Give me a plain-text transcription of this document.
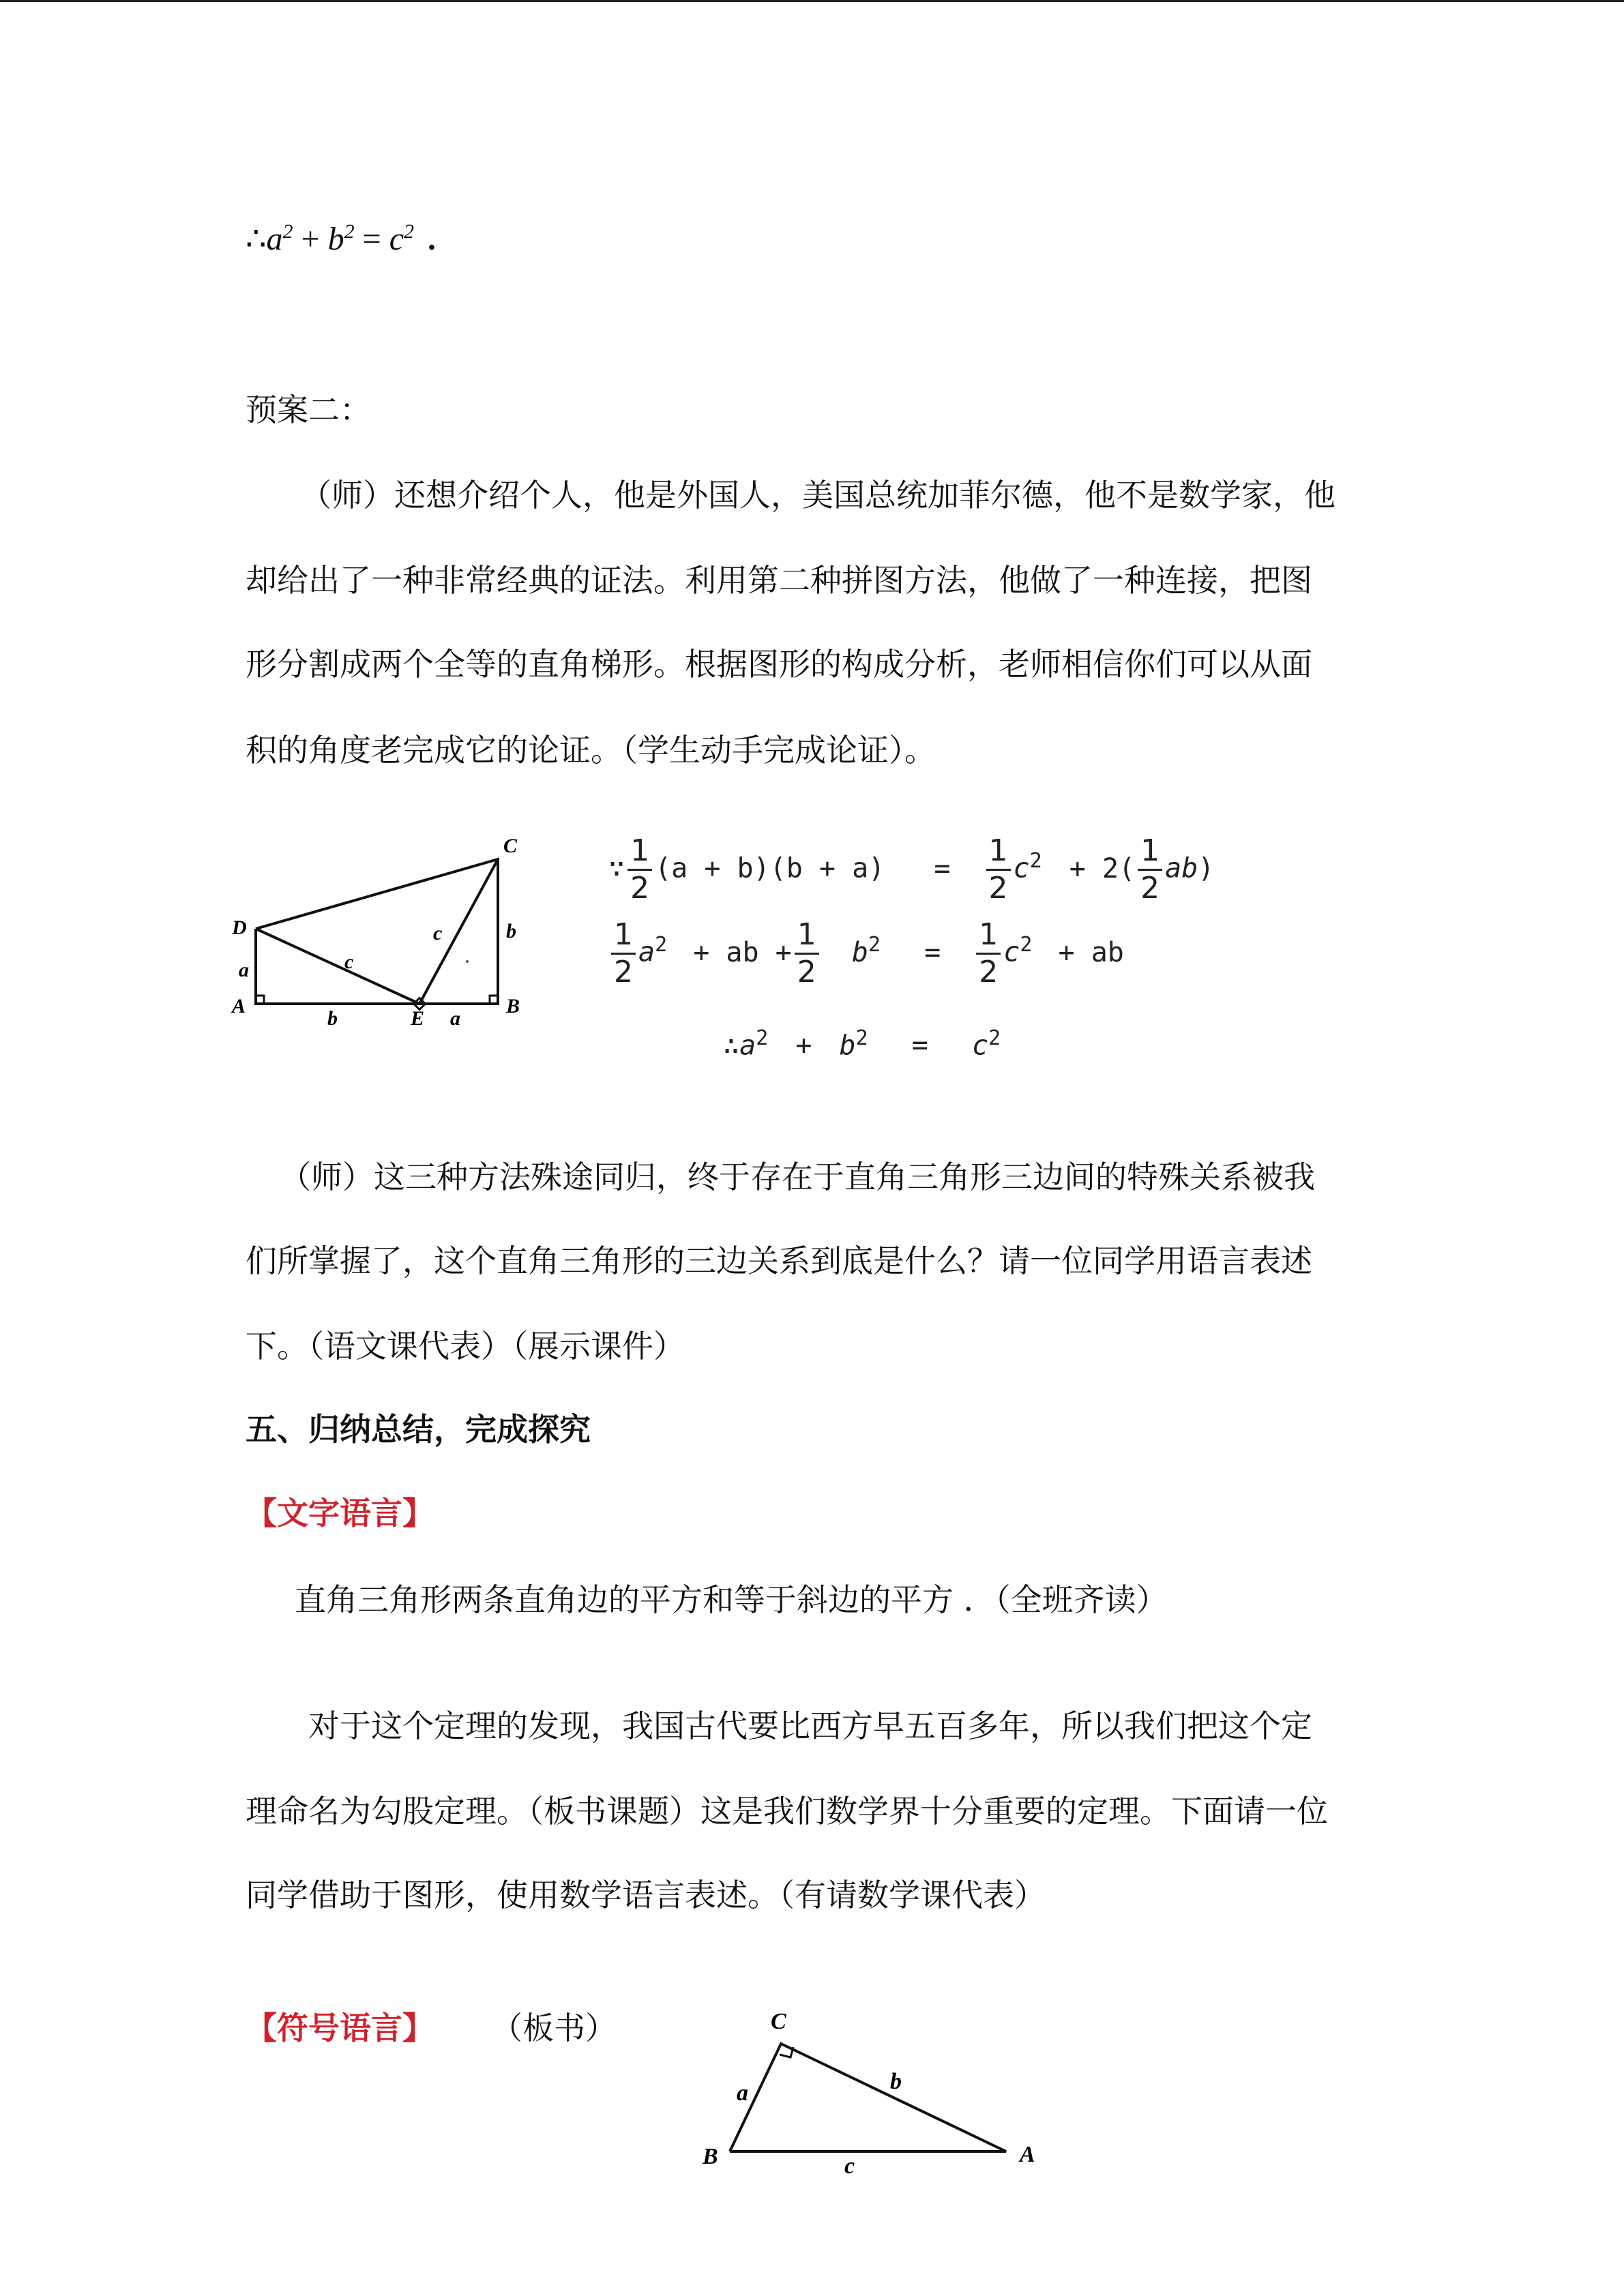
$\therefore a^2 + b^2 = c^2$ .
预案二：
（师）还想介绍个人，他是外国人，美国总统加菲尔德，他不是数学家，他
却给出了一种非常经典的证法。利用第二种拼图方法，他做了一种连接，把图
形分割成两个全等的直角梯形。根据图形的构成分析，老师相信你们可以从面
积的角度老完成它的论证。（学生动手完成论证）。
C
D
A
E
B
a	c
c	b
b	a
∵ $\frac{1}{2} (a + b)(b + a) = \frac{1}{2} c^2 + 2( \frac{1}{2} ab)$
$\frac{1}{2} a^2$ + ab + $\frac{1}{2} b^2 = \frac{1}{2} c^2$ + ab
$\therefore a^2 + b^2 = c^2$
（师）这三种方法殊途同归，终于存在于直角三角形三边间的特殊关系被我
们所掌握了，这个直角三角形的三边关系到底是什么？请一位同学用语言表述
下。（语文课代表）（展示课件）
五、归纳总结，完成探究
【文字语言】
直角三角形两条直角边的平方和等于斜边的平方 ．（全班齐读）
对于这个定理的发现，我国古代要比西方早五百多年，所以我们把这个定
理命名为勾股定理。（板书课题）这是我们数学界十分重要的定理。下面请一位
同学借助于图形，使用数学语言表述。（有请数学课代表）
【符号语言】 （板书）	C
a	b
B	c	A
